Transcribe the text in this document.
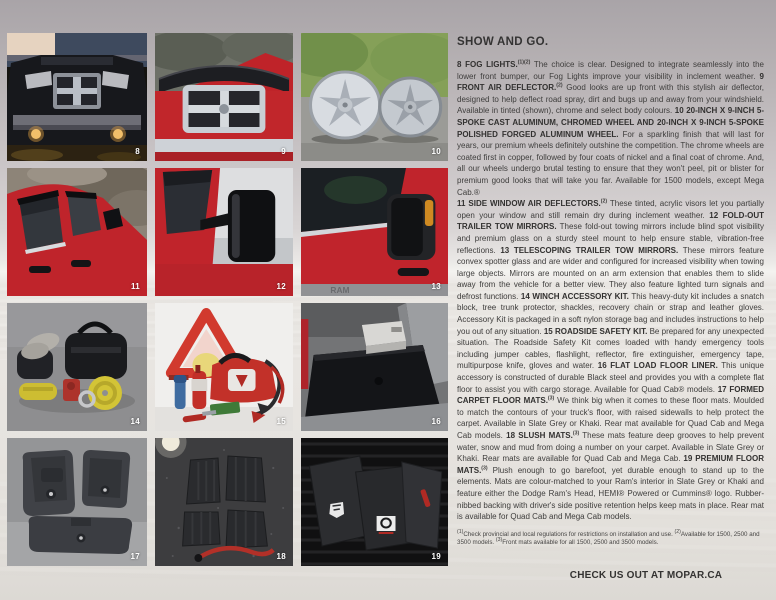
8	9	10
11	12	RAM	13
14	15	16
17	18	19
SHOW AND GO.

8 FOG LIGHTS.$^{(1)(2)}$ The choice is clear. Designed to integrate seamlessly into the lower front bumper, our Fog Lights improve your visibility in inclement weather. 9 FRONT AIR DEFLECTOR.$^{(2)}$ Good looks are up front with this stylish air deflector, designed to help deflect road spray, dirt and bugs up and away from your windshield. Available in tinted (shown), chrome and select body colours. 10 20-INCH X 9-INCH 5-SPOKE CAST ALUMINUM, CHROMED WHEEL AND 20-INCH X 9-INCH 5-SPOKE POLISHED FORGED ALUMINUM WHEEL. For a sparkling finish that will last for years, our premium wheels definitely outshine the competition. The chrome wheels are coated first in copper, followed by four coats of nickel and a final coat of chrome. And, all our wheels undergo brutal testing to ensure that they won't peel, pit or blister for premium good looks that will take you far. Available for 1500 models, except Mega Cab.®

11 SIDE WINDOW AIR DEFLECTORS.$^{(2)}$ These tinted, acrylic visors let you partially open your window and still remain dry during inclement weather. 12 FOLD-OUT TRAILER TOW MIRRORS. These fold-out towing mirrors include blind spot visibility and premium glass on a sturdy steel mount to help ensure stable, vibration-free reflections. 13 TELESCOPING TRAILER TOW MIRRORS. These mirrors feature convex spotter glass and are wider and configured for increased visibility when towing large objects. Mirrors are mounted on an arm extension that enables them to slide away from the vehicle for a better view. They also feature lighted turn signals and defrost functions. 14 WINCH ACCESSORY KIT. This heavy-duty kit includes a snatch block, tree trunk protector, shackles, recovery chain or strap and leather gloves. Accessory Kit is packaged in a soft nylon storage bag and includes instructions to help you out of any situation. 15 ROADSIDE SAFETY KIT. Be prepared for any unexpected situation. The Roadside Safety Kit comes loaded with handy emergency tools including jumper cables, flashlight, reflector, fire extinguisher, emergency tape, multipurpose knife, gloves and water. 16 FLAT LOAD FLOOR LINER. This unique accessory is constructed of durable Black steel and provides you with a complete flat floor to assist you with cargo storage. Available for Quad Cab® models. 17 FORMED CARPET FLOOR MATS.$^{(3)}$ We think big when it comes to these floor mats. Moulded to match the contours of your truck's floor, with raised sidewalls to help protect the carpet. Available in Slate Grey or Khaki. Rear mat available for Quad Cab and Mega Cab models. 18 SLUSH MATS.$^{(3)}$ These mats feature deep grooves to help prevent water, snow and mud from doing a number on your carpet. Available in Slate Grey or Khaki. Rear mats are available for Quad Cab and Mega Cab. 19 PREMIUM FLOOR MATS.$^{(3)}$ Plush enough to go barefoot, yet durable enough to stand up to the elements. Mats are colour-matched to your Ram's interior in Slate Grey or Khaki and feature either the Dodge Ram's Head, HEMI® Powered or Cummins® logo. Rubber-nibbed backing with driver's side positive retention helps keep mats in place. Rear mat is available for Quad Cab and Mega Cab models.

$^{(1)}$Check provincial and local regulations for restrictions on installation and use. $^{(2)}$Available for 1500, 2500 and 3500 models. $^{(3)}$Front mats available for all 1500, 2500 and 3500 models.

CHECK US OUT AT MOPAR.CA
